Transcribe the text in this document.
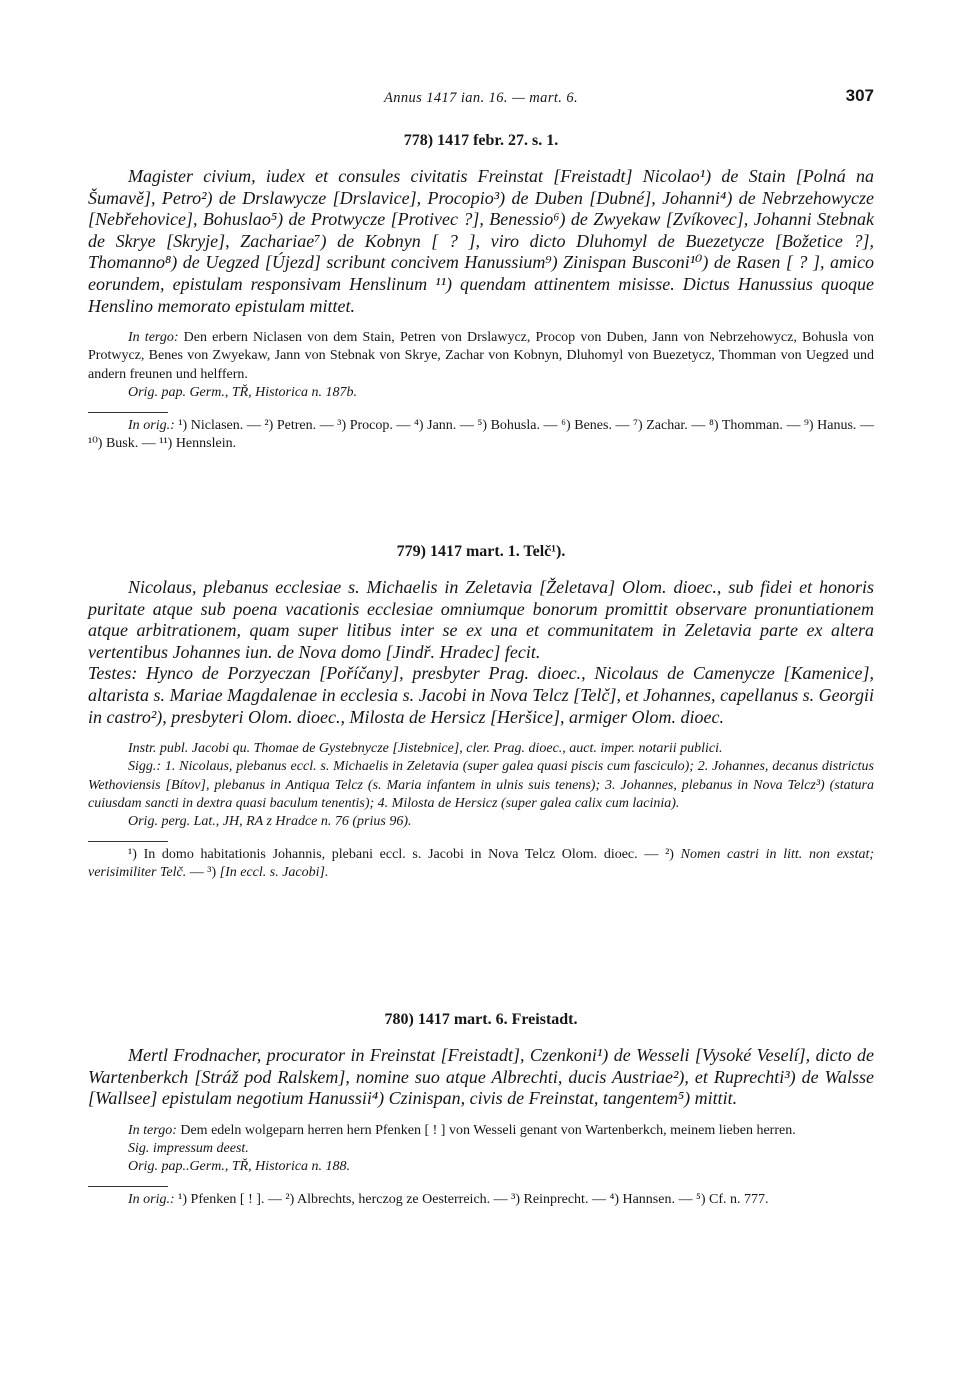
Annus 1417 ian. 16. — mart. 6.	307
778) 1417 febr. 27. s. 1.

Magister civium, iudex et consules civitatis Freinstat [Freistadt] Nicolao¹) de Stain [Polná na Šumavě], Petro²) de Drslawycze [Drslavice], Procopio³) de Duben [Dubné], Johanni⁴) de Nebrzehowycze [Nebřehovice], Bohuslao⁵) de Protwycze [Protivec ?], Benessio⁶) de Zwyekaw [Zvíkovec], Johanni Stebnak de Skrye [Skryje], Zachariae⁷) de Kobnyn [ ? ], viro dicto Dluhomyl de Buezetycze [Božetice ?], Thomanno⁸) de Uegzed [Újezd] scribunt concivem Hanussium⁹) Zinispan Busconi¹⁰) de Rasen [ ? ], amico eorundem, epistulam responsivam Henslinum ¹¹) quendam attinentem misisse. Dictus Hanussius quoque Henslino memorato epistulam mittet.

In tergo: Den erbern Niclasen von dem Stain, Petren von Drslawycz, Procop von Duben, Jann von Nebrzehowycz, Bohusla von Protwycz, Benes von Zwyekaw, Jann von Stebnak von Skrye, Zachar von Kobnyn, Dluhomyl von Buezetycz, Thomman von Uegzed und andern freunen und helffern.

Orig. pap. Germ., TŘ, Historica n. 187b.

In orig.: ¹) Niclasen. — ²) Petren. — ³) Procop. — ⁴) Jann. — ⁵) Bohusla. — ⁶) Benes. — ⁷) Zachar. — ⁸) Thomman. — ⁹) Hanus. — ¹⁰) Busk. — ¹¹) Hennslein.

779) 1417 mart. 1. Telč¹).

Nicolaus, plebanus ecclesiae s. Michaelis in Zeletavia [Želetava] Olom. dioec., sub fidei et honoris puritate atque sub poena vacationis ecclesiae omniumque bonorum promittit observare pronuntiationem atque arbitrationem, quam super litibus inter se ex una et communitatem in Zeletavia parte ex altera vertentibus Johannes iun. de Nova domo [Jindř. Hradec] fecit.

Testes: Hynco de Porzyeczan [Poříčany], presbyter Prag. dioec., Nicolaus de Camenycze [Kamenice], altarista s. Mariae Magdalenae in ecclesia s. Jacobi in Nova Telcz [Telč], et Johannes, capellanus s. Georgii in castro²), presbyteri Olom. dioec., Milosta de Hersicz [Heršice], armiger Olom. dioec.

Instr. publ. Jacobi qu. Thomae de Gystebnycze [Jistebnice], cler. Prag. dioec., auct. imper. notarii publici.

Sigg.: 1. Nicolaus, plebanus eccl. s. Michaelis in Zeletavia (super galea quasi piscis cum fasciculo); 2. Johannes, decanus districtus Wethoviensis [Bítov], plebanus in Antiqua Telcz (s. Maria infantem in ulnis suis tenens); 3. Johannes, plebanus in Nova Telcz³) (statura cuiusdam sancti in dextra quasi baculum tenentis); 4. Milosta de Hersicz (super galea calix cum lacinia).

Orig. perg. Lat., JH, RA z Hradce n. 76 (prius 96).

¹) In domo habitationis Johannis, plebani eccl. s. Jacobi in Nova Telcz Olom. dioec. — ²) Nomen castri in litt. non exstat; verisimiliter Telč. — ³) [In eccl. s. Jacobi].

780) 1417 mart. 6. Freistadt.

Mertl Frodnacher, procurator in Freinstat [Freistadt], Czenkoni¹) de Wesseli [Vysoké Veselí], dicto de Wartenberkch [Stráž pod Ralskem], nomine suo atque Albrechti, ducis Austriae²), et Ruprechti³) de Walsse [Wallsee] epistulam negotium Hanussii⁴) Czinispan, civis de Freinstat, tangentem⁵) mittit.

In tergo: Dem edeln wolgeparn herren hern Pfenken [ ! ] von Wesseli genant von Wartenberkch, meinem lieben herren.

Sig. impressum deest.

Orig. pap..Germ., TŘ, Historica n. 188.

In orig.: ¹) Pfenken [ ! ]. — ²) Albrechts, herczog ze Oesterreich. — ³) Reinprecht. — ⁴) Hannsen. — ⁵) Cf. n. 777.
